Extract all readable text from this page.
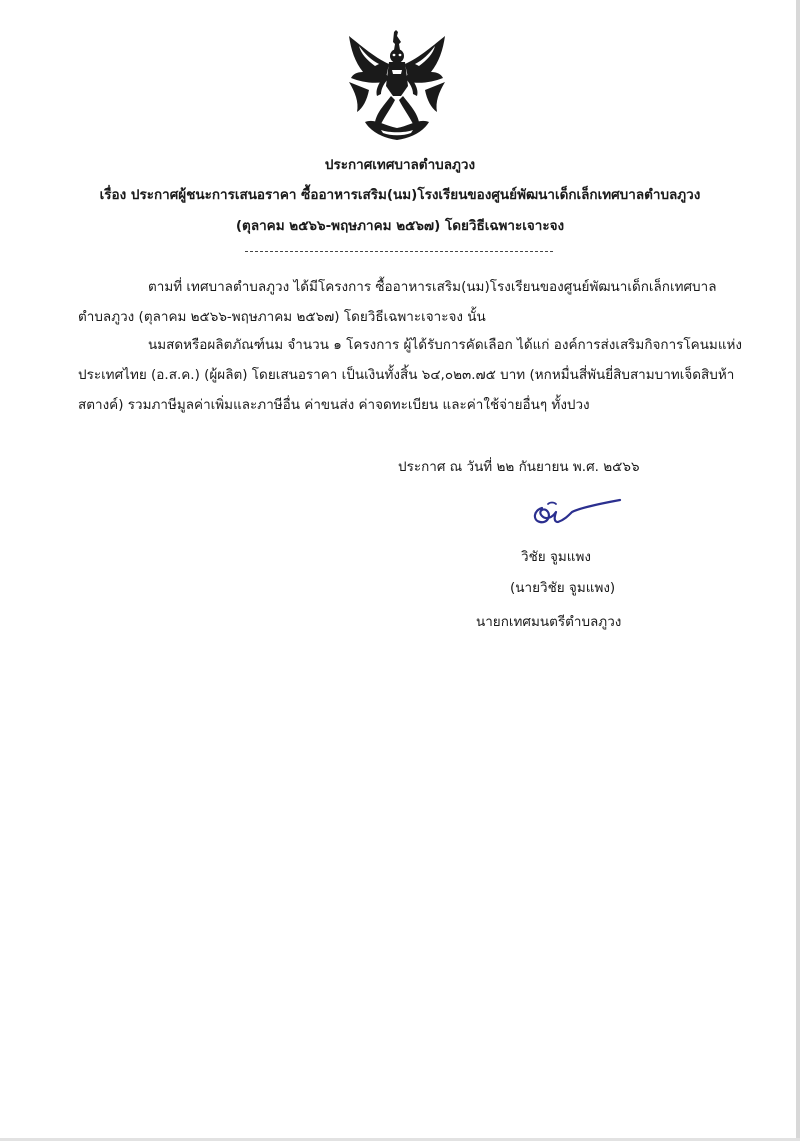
ประกาศเทศบาลตำบลภูวง
เรื่อง ประกาศผู้ชนะการเสนอราคา ซื้ออาหารเสริม(นม)โรงเรียนของศูนย์พัฒนาเด็กเล็กเทศบาลตำบลภูวง
(ตุลาคม ๒๕๖๖-พฤษภาคม ๒๕๖๗) โดยวิธีเฉพาะเจาะจง
ตามที่ เทศบาลตำบลภูวง ได้มีโครงการ ซื้ออาหารเสริม(นม)โรงเรียนของศูนย์พัฒนาเด็กเล็กเทศบาล
ตำบลภูวง (ตุลาคม ๒๕๖๖-พฤษภาคม ๒๕๖๗) โดยวิธีเฉพาะเจาะจง นั้น
นมสดหรือผลิตภัณฑ์นม จำนวน ๑ โครงการ ผู้ได้รับการคัดเลือก ได้แก่ องค์การส่งเสริมกิจการโคนมแห่ง
ประเทศไทย (อ.ส.ค.) (ผู้ผลิต) โดยเสนอราคา เป็นเงินทั้งสิ้น ๖๔,๐๒๓.๗๕ บาท (หกหมื่นสี่พันยี่สิบสามบาทเจ็ดสิบห้า
สตางค์) รวมภาษีมูลค่าเพิ่มและภาษีอื่น ค่าขนส่ง ค่าจดทะเบียน และค่าใช้จ่ายอื่นๆ ทั้งปวง
ประกาศ ณ วันที่ ๒๒ กันยายน พ.ศ. ๒๕๖๖
วิชัย จูมแพง
(นายวิชัย จูมแพง)
นายกเทศมนตรีตำบลภูวง
